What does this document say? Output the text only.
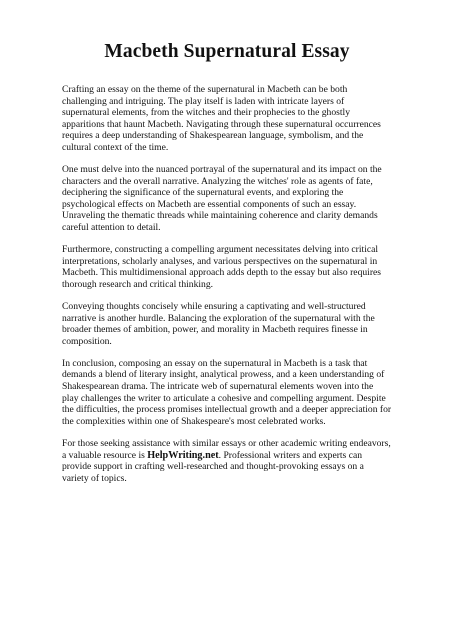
Macbeth Supernatural Essay

Crafting an essay on the theme of the supernatural in Macbeth can be both challenging and intriguing. The play itself is laden with intricate layers of supernatural elements, from the witches and their prophecies to the ghostly apparitions that haunt Macbeth. Navigating through these supernatural occurrences requires a deep understanding of Shakespearean language, symbolism, and the cultural context of the time.

One must delve into the nuanced portrayal of the supernatural and its impact on the characters and the overall narrative. Analyzing the witches' role as agents of fate, deciphering the significance of the supernatural events, and exploring the psychological effects on Macbeth are essential components of such an essay. Unraveling the thematic threads while maintaining coherence and clarity demands careful attention to detail.

Furthermore, constructing a compelling argument necessitates delving into critical interpretations, scholarly analyses, and various perspectives on the supernatural in Macbeth. This multidimensional approach adds depth to the essay but also requires thorough research and critical thinking.

Conveying thoughts concisely while ensuring a captivating and well-structured narrative is another hurdle. Balancing the exploration of the supernatural with the broader themes of ambition, power, and morality in Macbeth requires finesse in composition.

In conclusion, composing an essay on the supernatural in Macbeth is a task that demands a blend of literary insight, analytical prowess, and a keen understanding of Shakespearean drama. The intricate web of supernatural elements woven into the play challenges the writer to articulate a cohesive and compelling argument. Despite the difficulties, the process promises intellectual growth and a deeper appreciation for the complexities within one of Shakespeare's most celebrated works.

For those seeking assistance with similar essays or other academic writing endeavors, a valuable resource is HelpWriting.net. Professional writers and experts can provide support in crafting well-researched and thought-provoking essays on a variety of topics.
